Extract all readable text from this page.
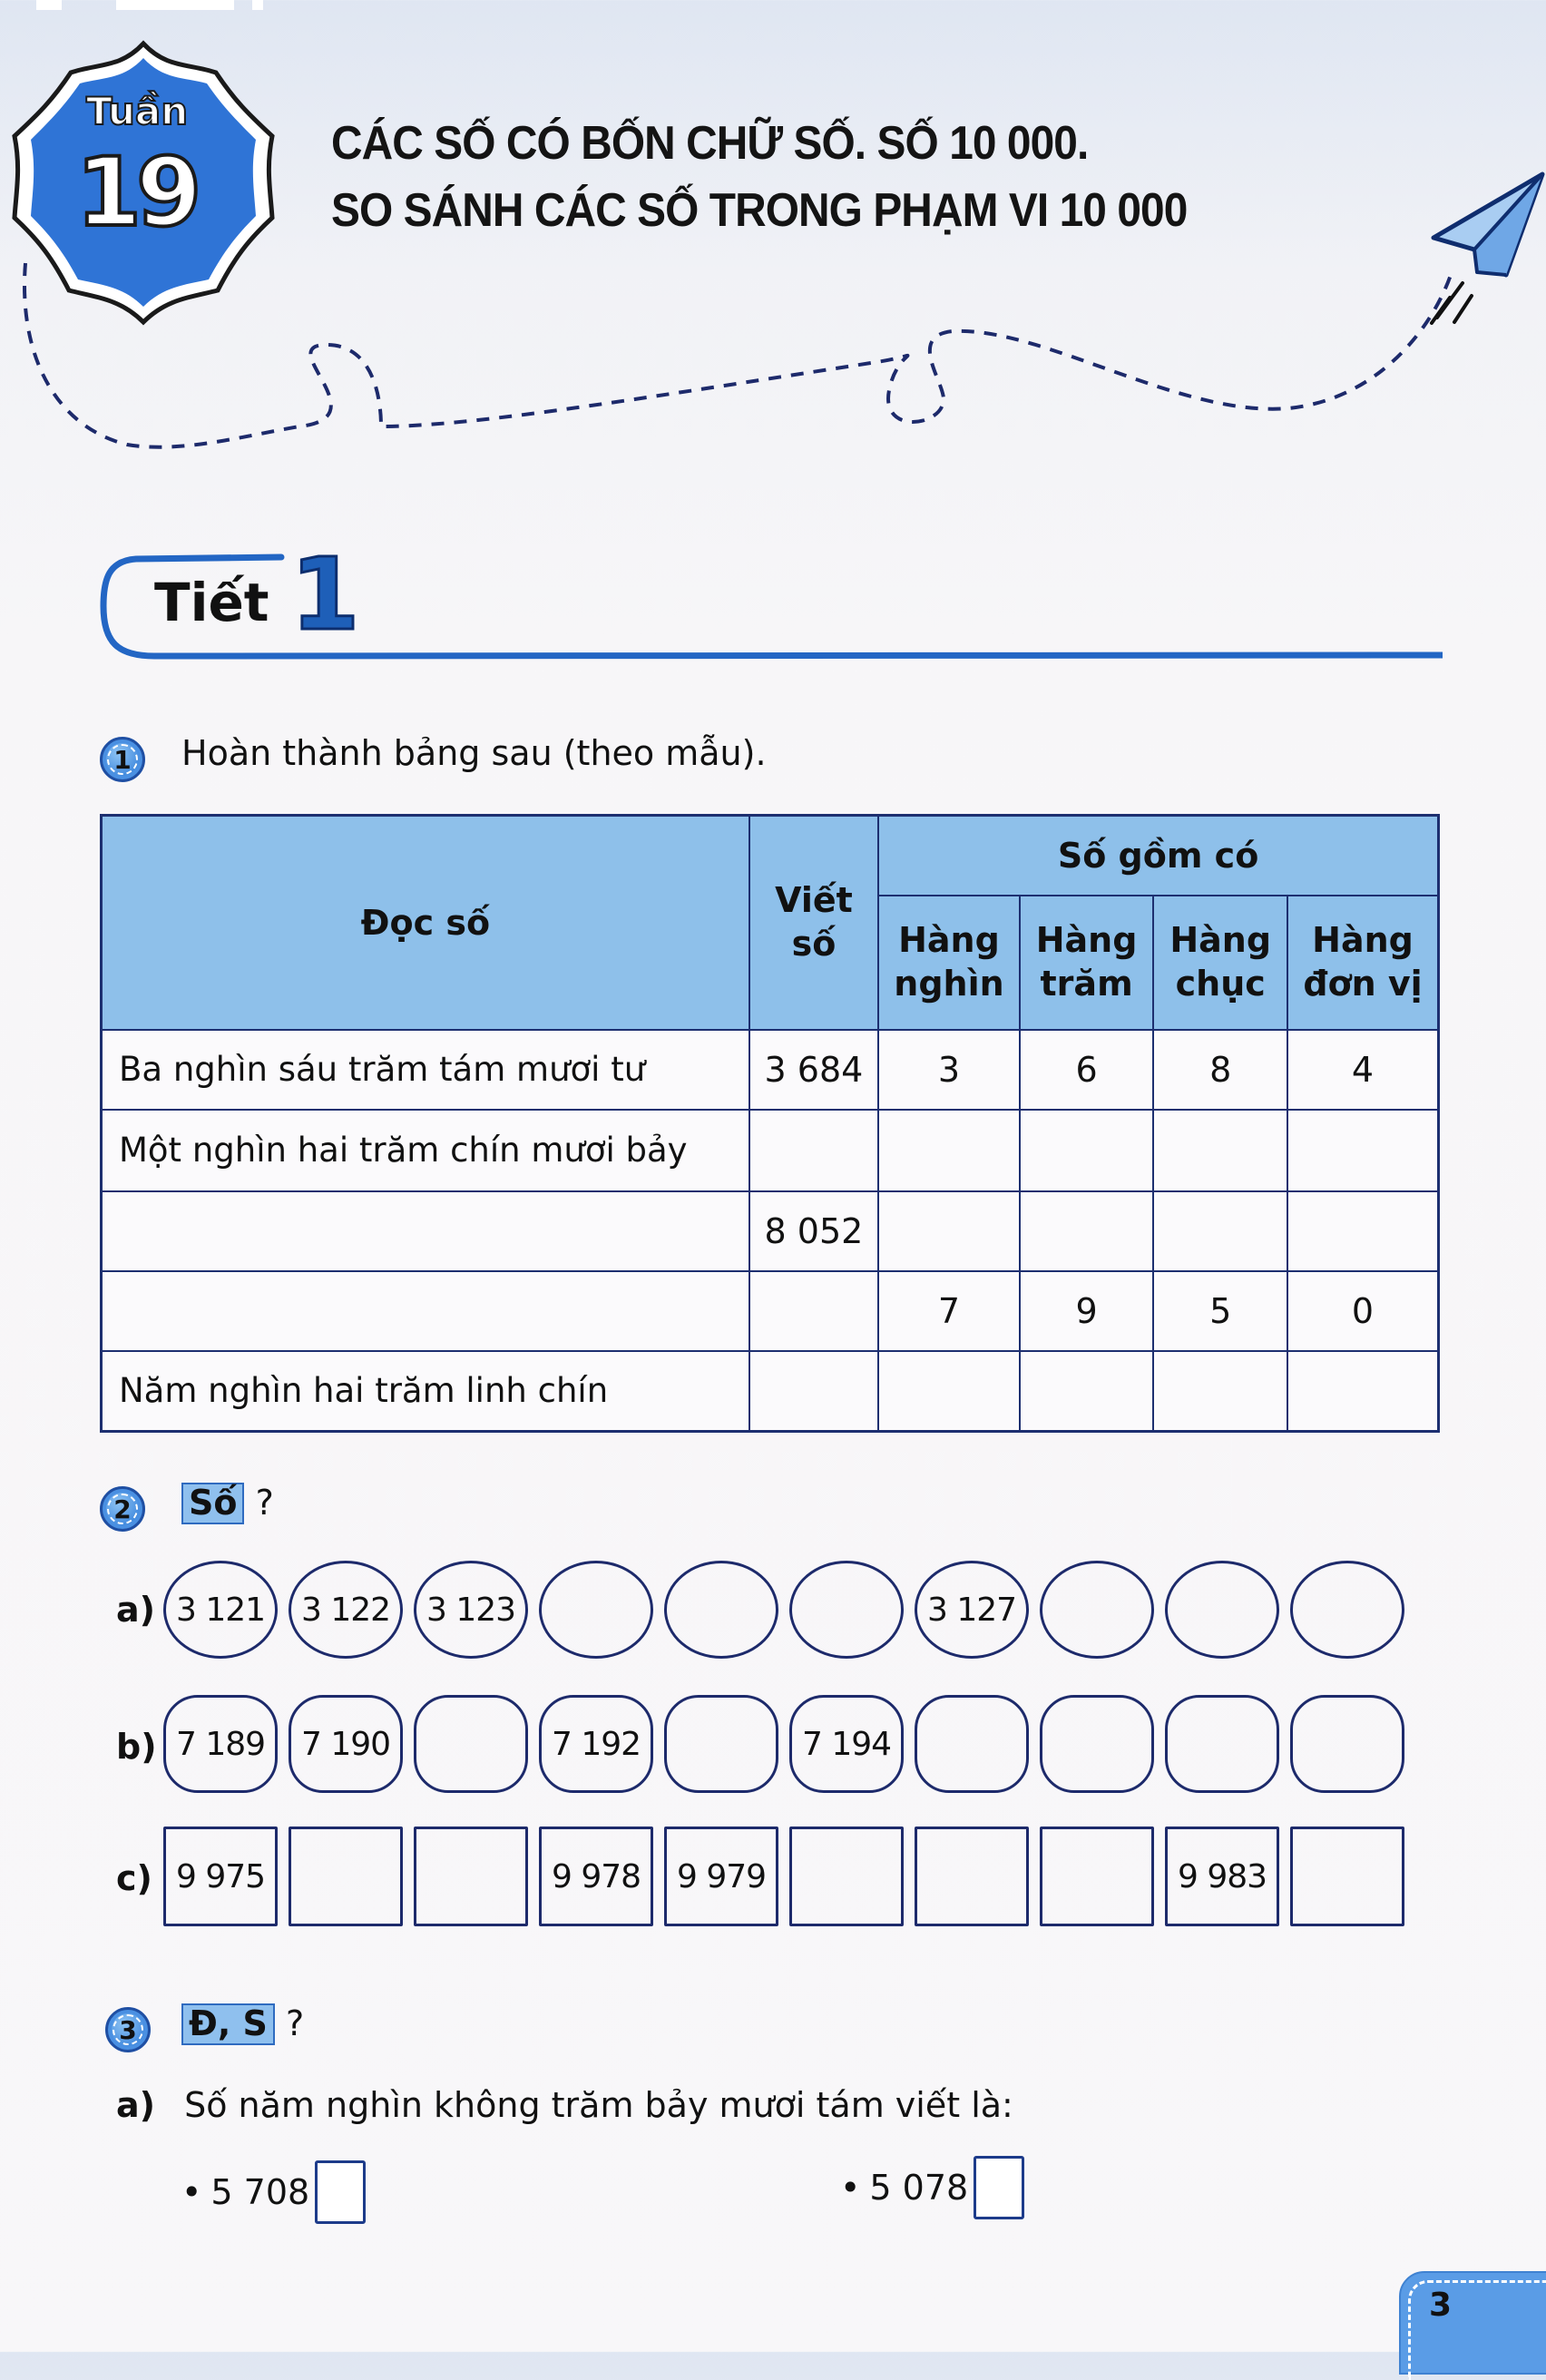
Tuần
19	CÁC SỐ CÓ BỐN CHỮ SỐ. SỐ 10 000.
SO SÁNH CÁC SỐ TRONG PHẠM VI 10 000
Tiết 1
1 Hoàn thành bảng sau (theo mẫu).
Đọc số	Viết
số	Số gồm có			

Hàng
nghìn

Hàng
trăm

Hàng
chục

Hàng
đơn vị

Ba nghìn sáu trăm tám mươi tư	3 684	3	6	8	4
Một nghìn hai trăm chín mươi bảy					
	8 052				
		7	9	5	0
Năm nghìn hai trăm linh chín					
2 Số ?
a) 3 121 3 122 3 123	3 127
b) 7 189 7 190	7 192	7 194
c) 9 975	9 978 9 979	9 983
3 Đ, S ?
a) Số năm nghìn không trăm bảy mươi tám viết là:
• 5 708	• 5 078
3
